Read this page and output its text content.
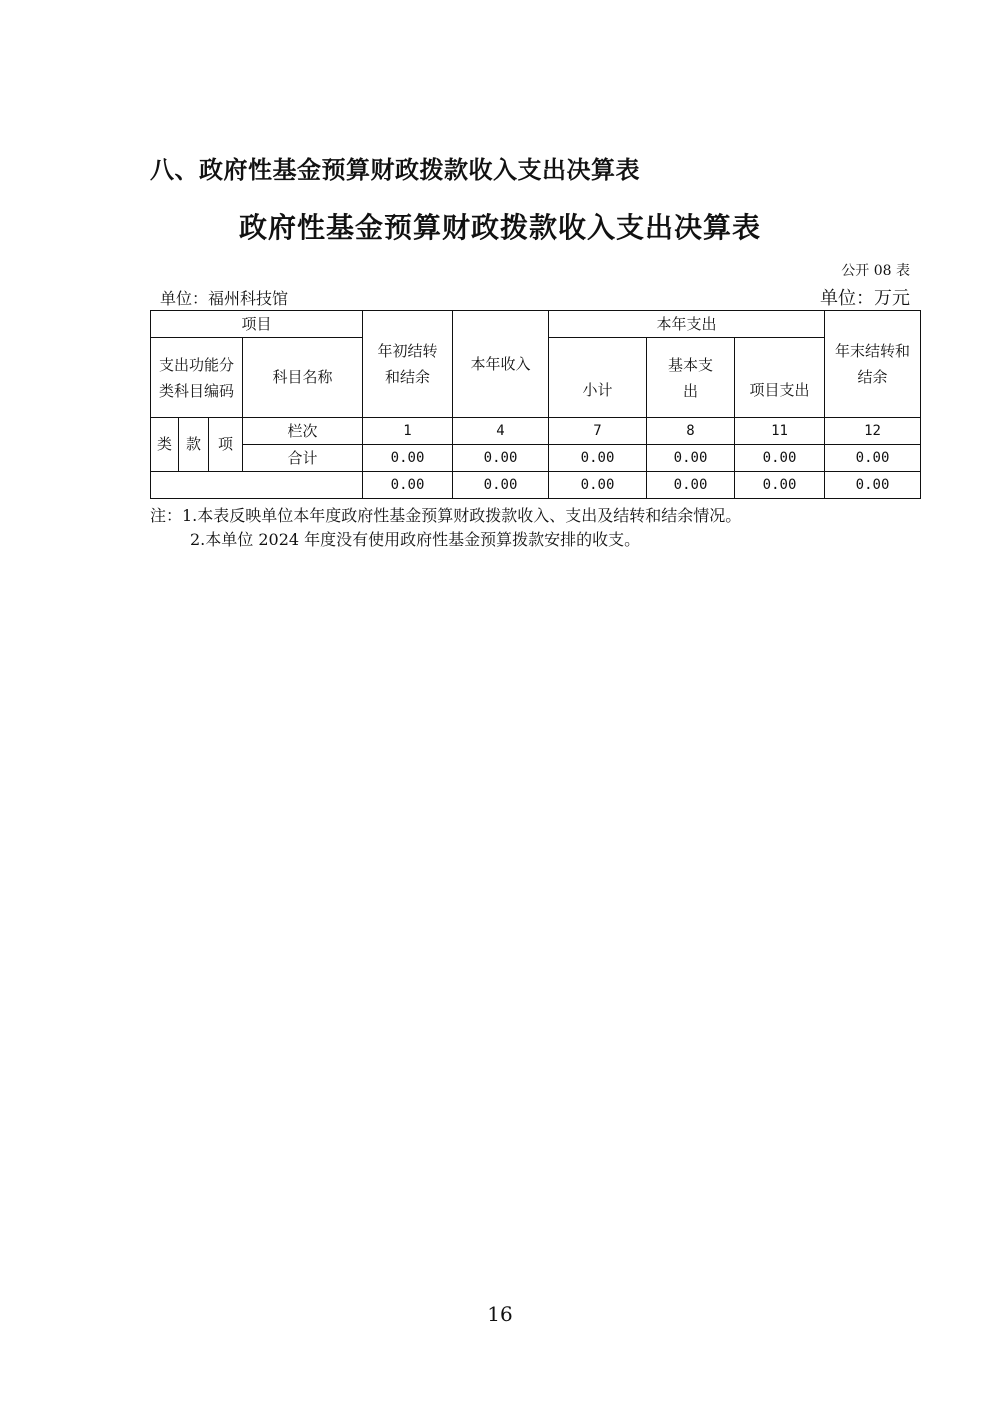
八、政府性基金预算财政拨款收入支出决算表
政府性基金预算财政拨款收入支出决算表
公开 08 表
单位：福州科技馆	单位：万元
项目				年初结转和结余	本年收入	本年支出			年末结转和结余

支出功能分类科目编码			科目名称			小计	基本支出	项目支出	
类	款	项	栏次	1	4	7	8	11	12
			合计	0.00	0.00	0.00	0.00	0.00	0.00
				0.00	0.00	0.00	0.00	0.00	0.00

注：1.本表反映单位本年度政府性基金预算财政拨款收入、支出及结转和结余情况。

2.本单位 2024 年度没有使用政府性基金预算拨款安排的收支。

16
